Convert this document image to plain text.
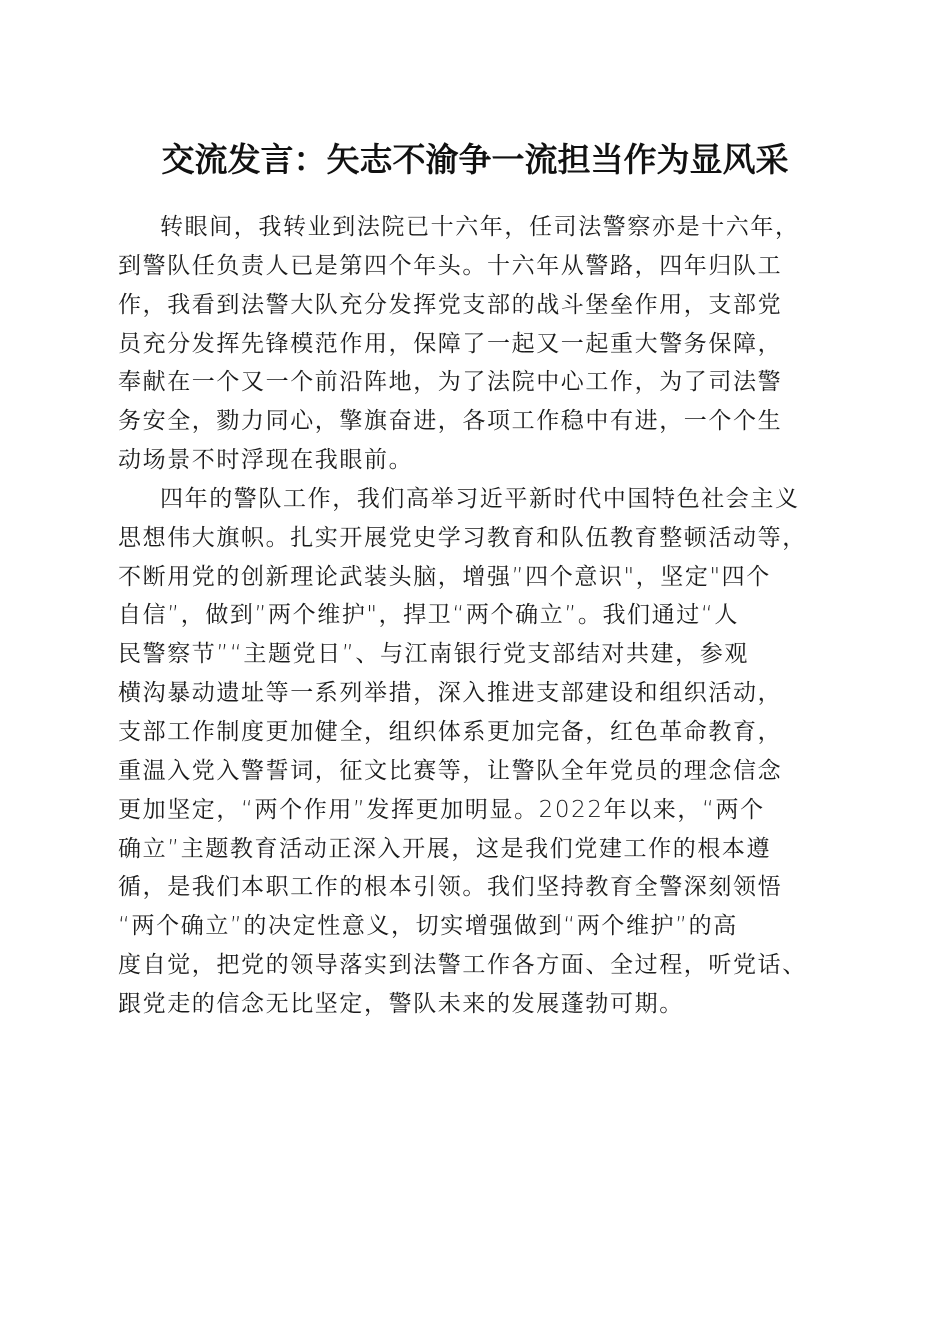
交流发言：矢志不渝争一流担当作为显风采
转眼间，我转业到法院已十六年，任司法警察亦是十六年，
到警队任负责人已是第四个年头。十六年从警路，四年归队工
作，我看到法警大队充分发挥党支部的战斗堡垒作用，支部党
员充分发挥先锋模范作用，保障了一起又一起重大警务保障，
奉献在一个又一个前沿阵地，为了法院中心工作，为了司法警
务安全，勠力同心，擎旗奋进，各项工作稳中有进，一个个生
动场景不时浮现在我眼前。
四年的警队工作，我们高举习近平新时代中国特色社会主义
思想伟大旗帜。扎实开展党史学习教育和队伍教育整顿活动等，
不断用党的创新理论武装头脑，增强”四个意识"，坚定"四个
自信”，做到”两个维护"，捍卫“两个确立”。我们通过“人
民警察节”“主题党日”、与江南银行党支部结对共建，参观
横沟暴动遗址等一系列举措，深入推进支部建设和组织活动，
支部工作制度更加健全，组织体系更加完备，红色革命教育，
重温入党入警誓词，征文比赛等，让警队全年党员的理念信念
更加坚定，“两个作用”发挥更加明显。2022年以来，“两个
确立”主题教育活动正深入开展，这是我们党建工作的根本遵
循，是我们本职工作的根本引领。我们坚持教育全警深刻领悟
“两个确立”的决定性意义，切实增强做到“两个维护”的高
度自觉，把党的领导落实到法警工作各方面、全过程，听党话、
跟党走的信念无比坚定，警队未来的发展蓬勃可期。
